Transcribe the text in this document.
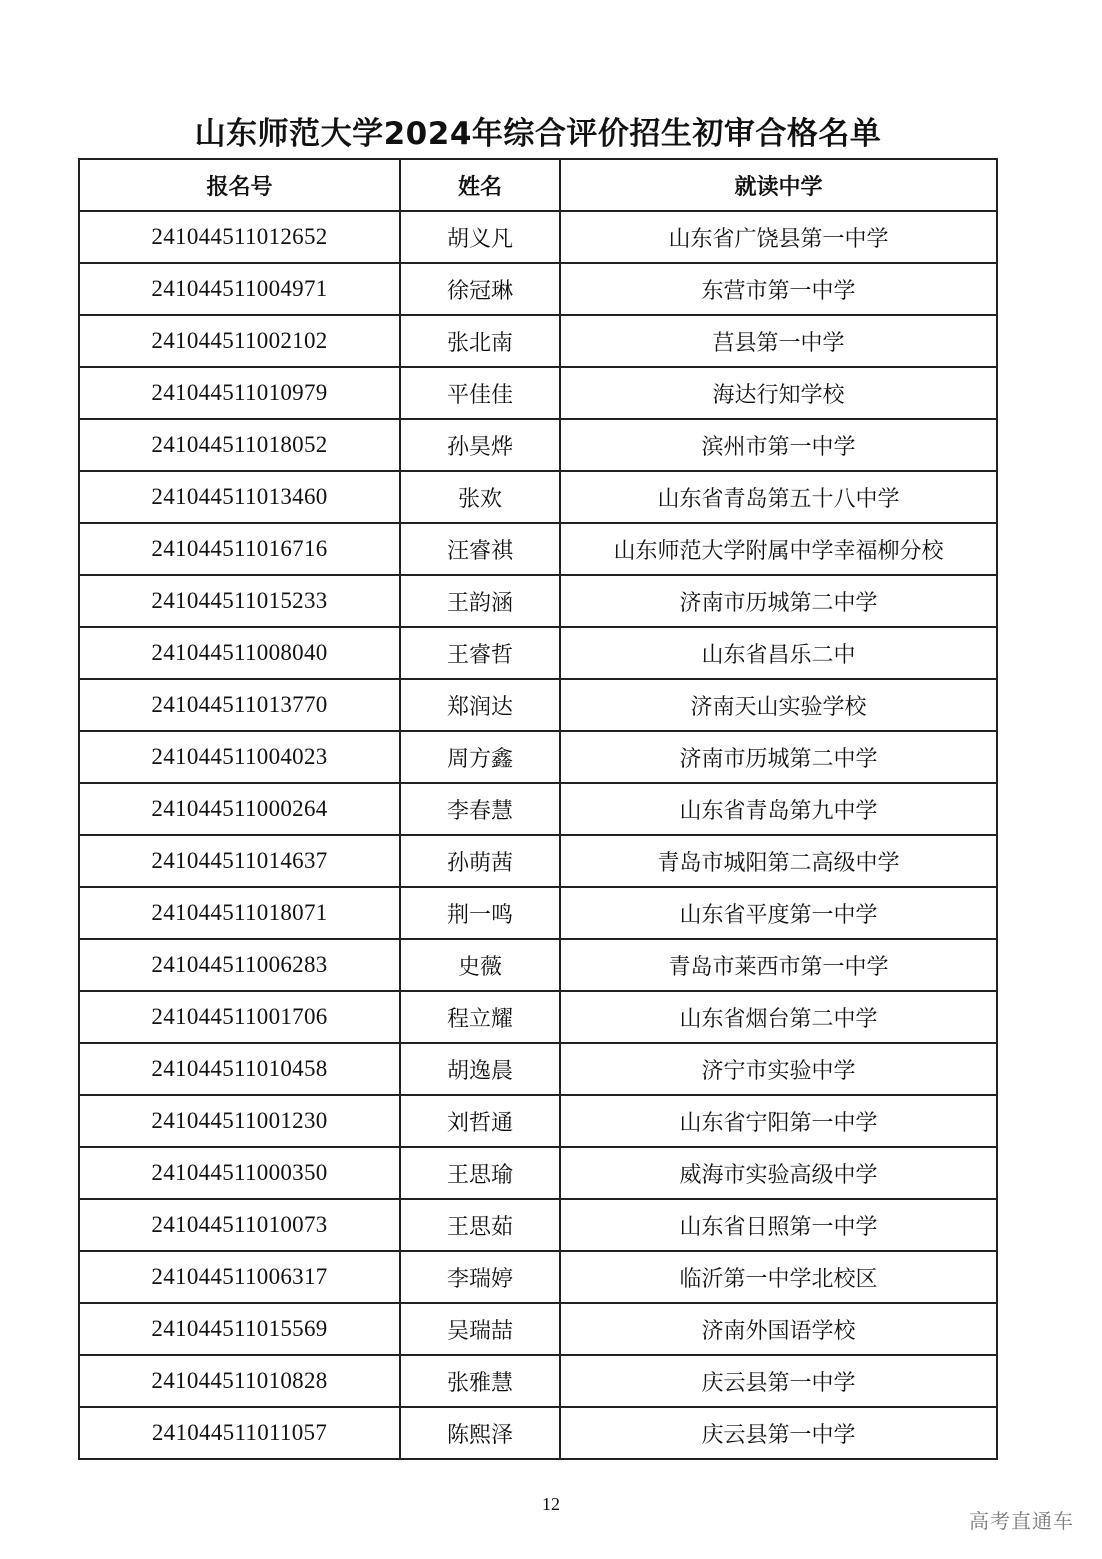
山东师范大学2024年综合评价招生初审合格名单
报名号	姓名	就读中学
241044511012652	胡义凡	山东省广饶县第一中学
241044511004971	徐冠琳	东营市第一中学
241044511002102	张北南	莒县第一中学
241044511010979	平佳佳	海达行知学校
241044511018052	孙昊烨	滨州市第一中学
241044511013460	张欢	山东省青岛第五十八中学
241044511016716	汪睿祺	山东师范大学附属中学幸福柳分校
241044511015233	王韵涵	济南市历城第二中学
241044511008040	王睿哲	山东省昌乐二中
241044511013770	郑润达	济南天山实验学校
241044511004023	周方鑫	济南市历城第二中学
241044511000264	李春慧	山东省青岛第九中学
241044511014637	孙萌茜	青岛市城阳第二高级中学
241044511018071	荆一鸣	山东省平度第一中学
241044511006283	史薇	青岛市莱西市第一中学
241044511001706	程立耀	山东省烟台第二中学
241044511010458	胡逸晨	济宁市实验中学
241044511001230	刘哲通	山东省宁阳第一中学
241044511000350	王思瑜	威海市实验高级中学
241044511010073	王思茹	山东省日照第一中学
241044511006317	李瑞婷	临沂第一中学北校区
241044511015569	吴瑞喆	济南外国语学校
241044511010828	张雅慧	庆云县第一中学
241044511011057	陈熙泽	庆云县第一中学
12
高考直通车
